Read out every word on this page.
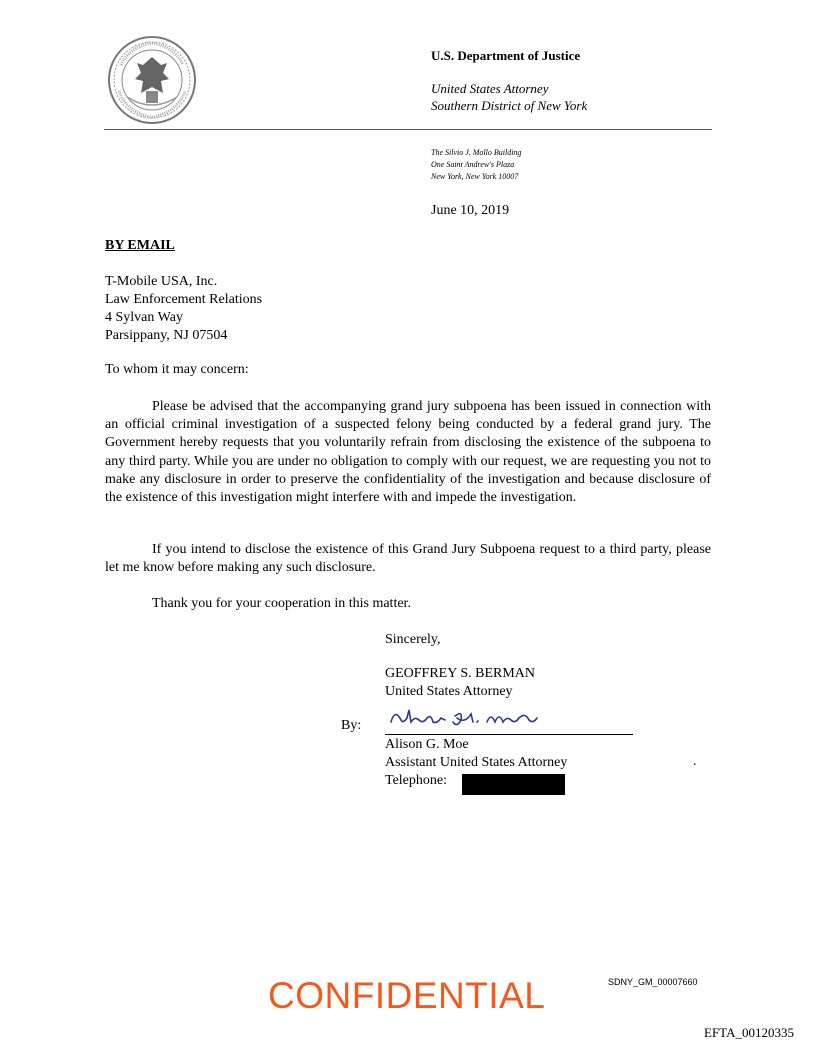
U.S. Department of Justice
United States Attorney
Southern District of New York
The Silvio J. Mollo Building
One Saint Andrew's Plaza
New York, New York 10007
June 10, 2019
BY EMAIL
T-Mobile USA, Inc.
Law Enforcement Relations
4 Sylvan Way
Parsippany, NJ 07504
To whom it may concern:
Please be advised that the accompanying grand jury subpoena has been issued in connection with an official criminal investigation of a suspected felony being conducted by a federal grand jury. The Government hereby requests that you voluntarily refrain from disclosing the existence of the subpoena to any third party. While you are under no obligation to comply with our request, we are requesting you not to make any disclosure in order to preserve the confidentiality of the investigation and because disclosure of the existence of this investigation might interfere with and impede the investigation.
If you intend to disclose the existence of this Grand Jury Subpoena request to a third party, please let me know before making any such disclosure.
Thank you for your cooperation in this matter.
Sincerely,
GEOFFREY S. BERMAN
United States Attorney
By:
Alison G. Moe
Assistant United States Attorney
Telephone:
.
SDNY_GM_00007660
CONFIDENTIAL
EFTA_00120335
